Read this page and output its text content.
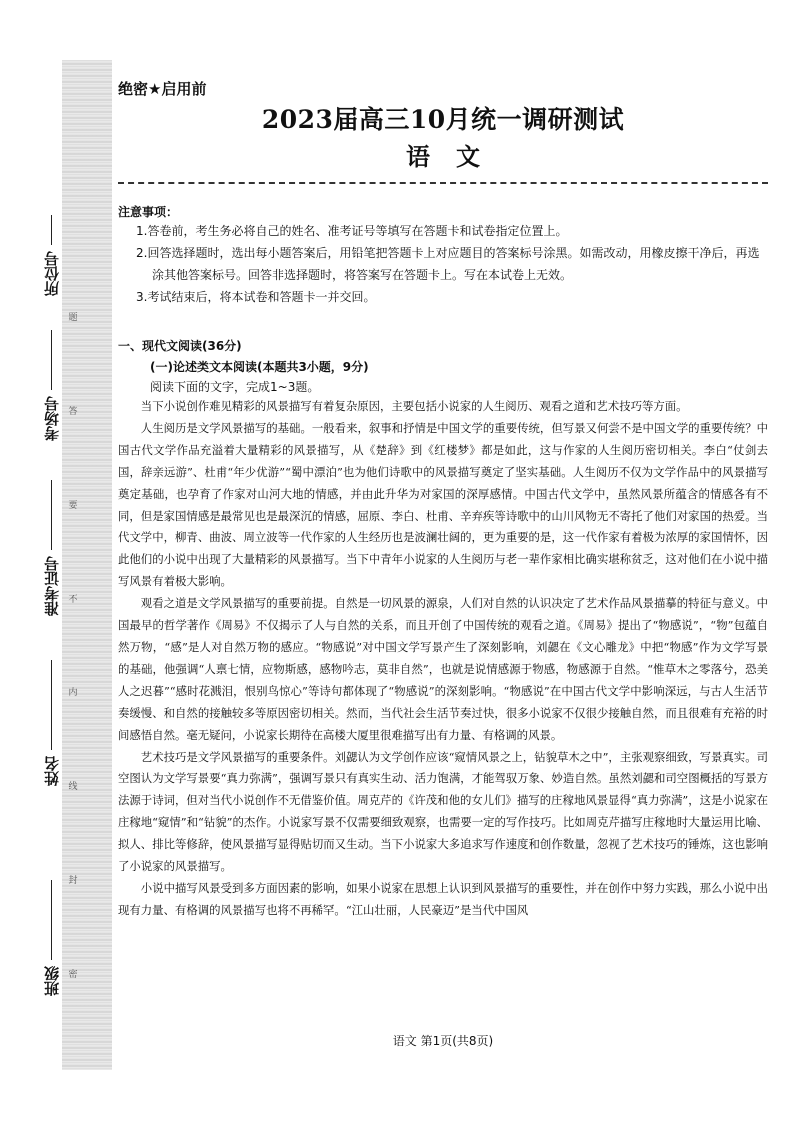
题
答
要
不
内
线
封
密
所位号
考场号
准考证号
姓名
班级
绝密★启用前
2023届高三10月统一调研测试
语文
注意事项：

1.答卷前，考生务必将自己的姓名、准考证号等填写在答题卡和试卷指定位置上。

2.回答选择题时，选出每小题答案后，用铅笔把答题卡上对应题目的答案标号涂黑。如需改动，用橡皮擦干净后，再选涂其他答案标号。回答非选择题时，将答案写在答题卡上。写在本试卷上无效。

3.考试结束后，将本试卷和答题卡一并交回。

一、现代文阅读(36分)
(一)论述类文本阅读(本题共3小题，9分)
阅读下面的文字，完成1~3题。

当下小说创作难见精彩的风景描写有着复杂原因，主要包括小说家的人生阅历、观看之道和艺术技巧等方面。

人生阅历是文学风景描写的基础。一般看来，叙事和抒情是中国文学的重要传统，但写景又何尝不是中国文学的重要传统？中国古代文学作品充溢着大量精彩的风景描写，从《楚辞》到《红楼梦》都是如此，这与作家的人生阅历密切相关。李白“仗剑去国，辞亲远游”、杜甫“年少优游”“蜀中漂泊”也为他们诗歌中的风景描写奠定了坚实基础。人生阅历不仅为文学作品中的风景描写奠定基础，也孕育了作家对山河大地的情感，并由此升华为对家国的深厚感情。中国古代文学中，虽然风景所蕴含的情感各有不同，但是家国情感是最常见也是最深沉的情感，屈原、李白、杜甫、辛弃疾等诗歌中的山川风物无不寄托了他们对家国的热爱。当代文学中，柳青、曲波、周立波等一代作家的人生经历也是波澜壮阔的，更为重要的是，这一代作家有着极为浓厚的家国情怀，因此他们的小说中出现了大量精彩的风景描写。当下中青年小说家的人生阅历与老一辈作家相比确实堪称贫乏，这对他们在小说中描写风景有着极大影响。

观看之道是文学风景描写的重要前提。自然是一切风景的源泉，人们对自然的认识决定了艺术作品风景描摹的特征与意义。中国最早的哲学著作《周易》不仅揭示了人与自然的关系，而且开创了中国传统的观看之道。《周易》提出了“物感说”，“物”包蕴自然万物，“感”是人对自然万物的感应。“物感说”对中国文学写景产生了深刻影响，刘勰在《文心雕龙》中把“物感”作为文学写景的基础，他强调“人禀七情，应物斯感，感物吟志，莫非自然”，也就是说情感源于物感，物感源于自然。“惟草木之零落兮，恐美人之迟暮”“感时花溅泪，恨别鸟惊心”等诗句都体现了“物感说”的深刻影响。“物感说”在中国古代文学中影响深远，与古人生活节奏缓慢、和自然的接触较多等原因密切相关。然而，当代社会生活节奏过快，很多小说家不仅很少接触自然，而且很难有充裕的时间感悟自然。毫无疑问，小说家长期待在高楼大厦里很难描写出有力量、有格调的风景。

艺术技巧是文学风景描写的重要条件。刘勰认为文学创作应该“窥情风景之上，钻貌草木之中”，主张观察细致，写景真实。司空图认为文学写景要“真力弥满”，强调写景只有真实生动、活力饱满，才能驾驭万象、妙造自然。虽然刘勰和司空图概括的写景方法源于诗词，但对当代小说创作不无借鉴价值。周克芹的《许茂和他的女儿们》描写的庄稼地风景显得“真力弥满”，这是小说家在庄稼地“窥情”和“钻貌”的杰作。小说家写景不仅需要细致观察，也需要一定的写作技巧。比如周克芹描写庄稼地时大量运用比喻、拟人、排比等修辞，使风景描写显得贴切而又生动。当下小说家大多追求写作速度和创作数量，忽视了艺术技巧的锤炼，这也影响了小说家的风景描写。

小说中描写风景受到多方面因素的影响，如果小说家在思想上认识到风景描写的重要性，并在创作中努力实践，那么小说中出现有力量、有格调的风景描写也将不再稀罕。“江山壮丽，人民豪迈”是当代中国风

语文 第1页(共8页)
